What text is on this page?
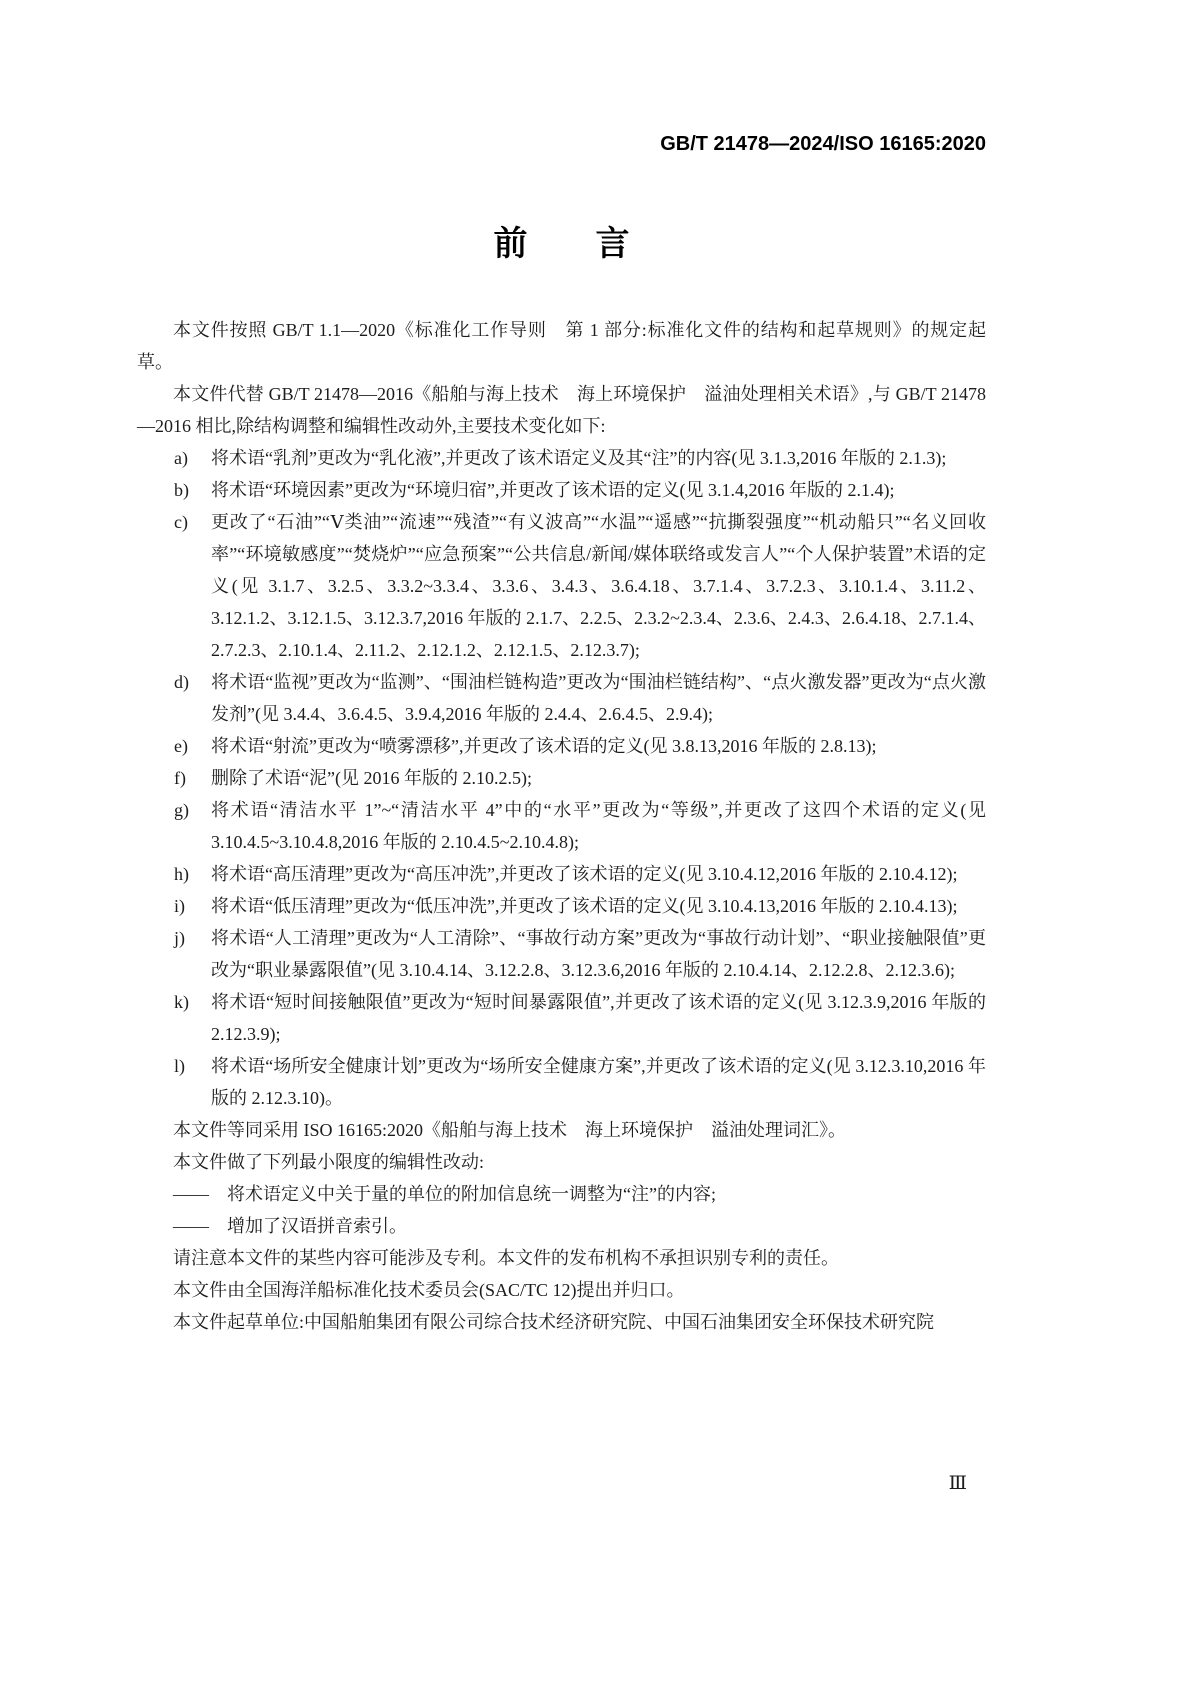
GB/T 21478—2024/ISO 16165:2020
前　　言

本文件按照 GB/T 1.1—2020《标准化工作导则　第 1 部分:标准化文件的结构和起草规则》的规定起草。

本文件代替 GB/T 21478—2016《船舶与海上技术　海上环境保护　溢油处理相关术语》,与 GB/T 21478—2016 相比,除结构调整和编辑性改动外,主要技术变化如下:

a) 将术语“乳剂”更改为“乳化液”,并更改了该术语定义及其“注”的内容(见 3.1.3,2016 年版的 2.1.3);
b) 将术语“环境因素”更改为“环境归宿”,并更改了该术语的定义(见 3.1.4,2016 年版的 2.1.4);
c) 更改了“石油”“Ⅴ类油”“流速”“残渣”“有义波高”“水温”“遥感”“抗撕裂强度”“机动船只”“名义回收率”“环境敏感度”“焚烧炉”“应急预案”“公共信息/新闻/媒体联络或发言人”“个人保护装置”术语的定义(见 3.1.7、3.2.5、3.3.2~3.3.4、3.3.6、3.4.3、3.6.4.18、3.7.1.4、3.7.2.3、3.10.1.4、3.11.2、3.12.1.2、3.12.1.5、3.12.3.7,2016 年版的 2.1.7、2.2.5、2.3.2~2.3.4、2.3.6、2.4.3、2.6.4.18、2.7.1.4、2.7.2.3、2.10.1.4、2.11.2、2.12.1.2、2.12.1.5、2.12.3.7);
d) 将术语“监视”更改为“监测”、“围油栏链构造”更改为“围油栏链结构”、“点火激发器”更改为“点火激发剂”(见 3.4.4、3.6.4.5、3.9.4,2016 年版的 2.4.4、2.6.4.5、2.9.4);
e) 将术语“射流”更改为“喷雾漂移”,并更改了该术语的定义(见 3.8.13,2016 年版的 2.8.13);
f) 删除了术语“泥”(见 2016 年版的 2.10.2.5);
g) 将术语“清洁水平 1”~“清洁水平 4”中的“水平”更改为“等级”,并更改了这四个术语的定义(见 3.10.4.5~3.10.4.8,2016 年版的 2.10.4.5~2.10.4.8);
h) 将术语“高压清理”更改为“高压冲洗”,并更改了该术语的定义(见 3.10.4.12,2016 年版的 2.10.4.12);
i) 将术语“低压清理”更改为“低压冲洗”,并更改了该术语的定义(见 3.10.4.13,2016 年版的 2.10.4.13);
j) 将术语“人工清理”更改为“人工清除”、“事故行动方案”更改为“事故行动计划”、“职业接触限值”更改为“职业暴露限值”(见 3.10.4.14、3.12.2.8、3.12.3.6,2016 年版的 2.10.4.14、2.12.2.8、2.12.3.6);
k) 将术语“短时间接触限值”更改为“短时间暴露限值”,并更改了该术语的定义(见 3.12.3.9,2016 年版的 2.12.3.9);
l) 将术语“场所安全健康计划”更改为“场所安全健康方案”,并更改了该术语的定义(见 3.12.3.10,2016 年版的 2.12.3.10)。

本文件等同采用 ISO 16165:2020《船舶与海上技术　海上环境保护　溢油处理词汇》。

本文件做了下列最小限度的编辑性改动:

——　将术语定义中关于量的单位的附加信息统一调整为“注”的内容;

——　增加了汉语拼音索引。

请注意本文件的某些内容可能涉及专利。本文件的发布机构不承担识别专利的责任。

本文件由全国海洋船标准化技术委员会(SAC/TC 12)提出并归口。

本文件起草单位:中国船舶集团有限公司综合技术经济研究院、中国石油集团安全环保技术研究院

Ⅲ
